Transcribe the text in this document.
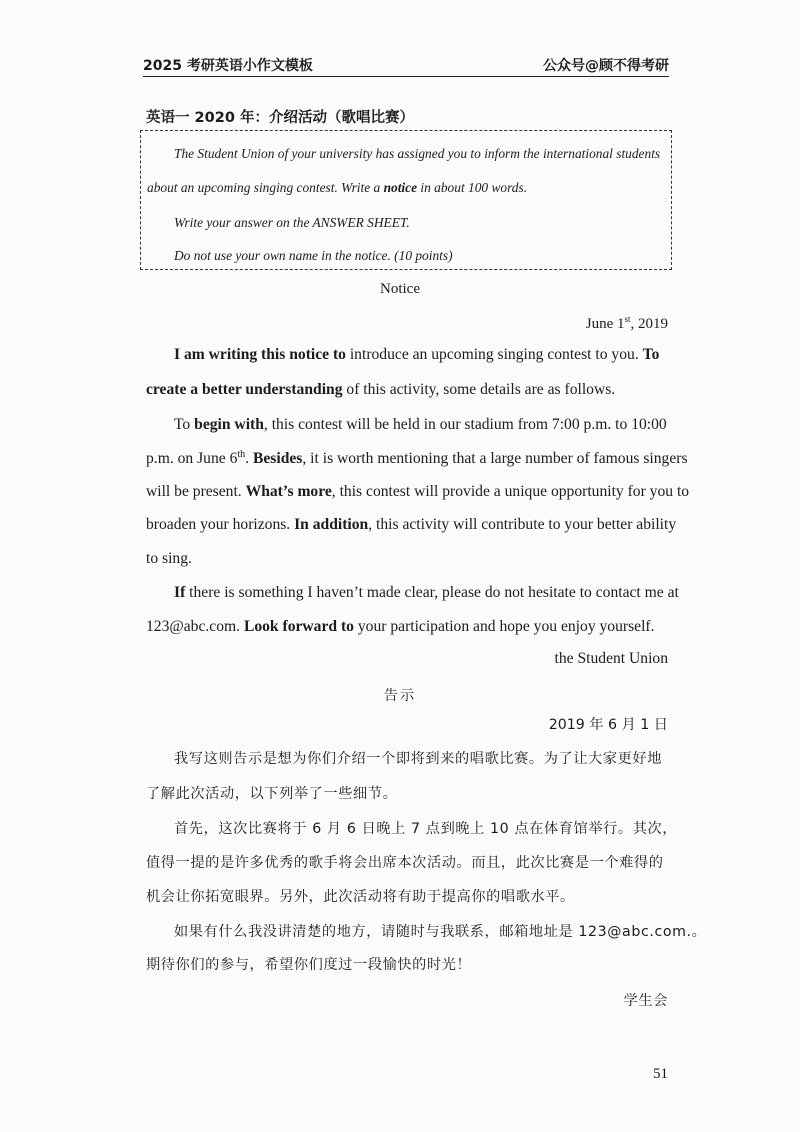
2025 考研英语小作文模板	公众号@顾不得考研
英语一 2020 年：介绍活动（歌唱比赛）
The Student Union of your university has assigned you to inform the international students
about an upcoming singing contest. Write a notice in about 100 words.
Write your answer on the ANSWER SHEET.
Do not use your own name in the notice. (10 points)
Notice
June 1st, 2019
I am writing this notice to introduce an upcoming singing contest to you. To
create a better understanding of this activity, some details are as follows.
To begin with, this contest will be held in our stadium from 7:00 p.m. to 10:00
p.m. on June 6th. Besides, it is worth mentioning that a large number of famous singers
will be present. What’s more, this contest will provide a unique opportunity for you to
broaden your horizons. In addition, this activity will contribute to your better ability
to sing.
If there is something I haven’t made clear, please do not hesitate to contact me at
123@abc.com. Look forward to your participation and hope you enjoy yourself.
the Student Union
告示
2019 年 6 月 1 日
我写这则告示是想为你们介绍一个即将到来的唱歌比赛。为了让大家更好地
了解此次活动，以下列举了一些细节。
首先，这次比赛将于 6 月 6 日晚上 7 点到晚上 10 点在体育馆举行。其次，
值得一提的是许多优秀的歌手将会出席本次活动。而且，此次比赛是一个难得的
机会让你拓宽眼界。另外，此次活动将有助于提高你的唱歌水平。
如果有什么我没讲清楚的地方，请随时与我联系，邮箱地址是 123@abc.com.。
期待你们的参与，希望你们度过一段愉快的时光！
学生会
51
